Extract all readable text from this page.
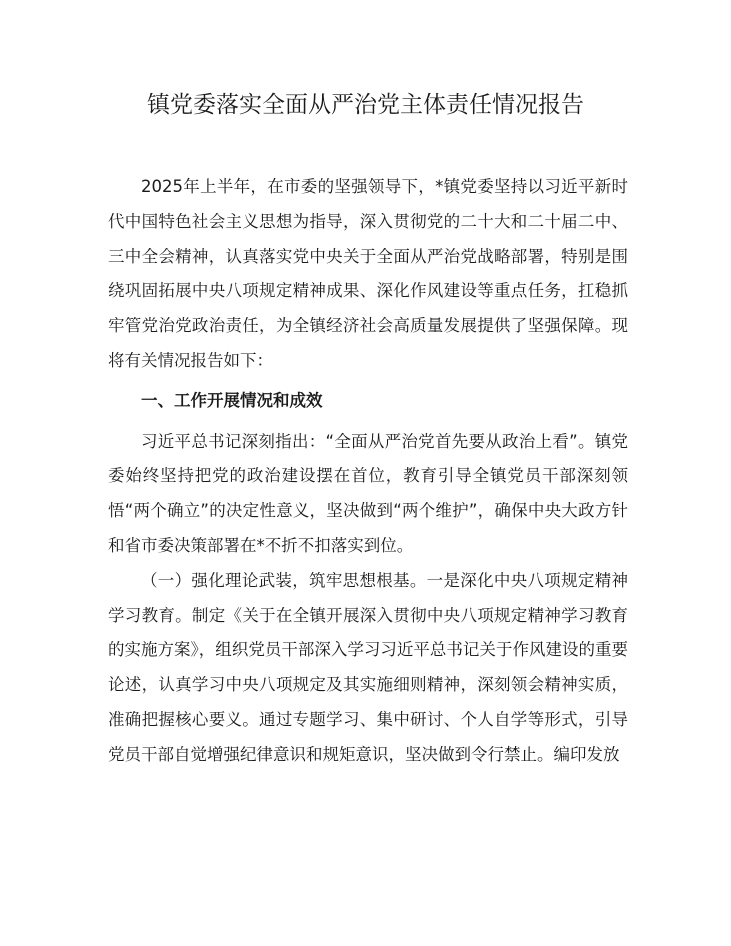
镇党委落实全面从严治党主体责任情况报告

2025年上半年，在市委的坚强领导下，*镇党委坚持以习近平新时代中国特色社会主义思想为指导，深入贯彻党的二十大和二十届二中、三中全会精神，认真落实党中央关于全面从严治党战略部署，特别是围绕巩固拓展中央八项规定精神成果、深化作风建设等重点任务，扛稳抓牢管党治党政治责任，为全镇经济社会高质量发展提供了坚强保障。现将有关情况报告如下：

一、工作开展情况和成效

习近平总书记深刻指出：“全面从严治党首先要从政治上看”。镇党委始终坚持把党的政治建设摆在首位，教育引导全镇党员干部深刻领悟“两个确立”的决定性意义，坚决做到“两个维护”，确保中央大政方针和省市委决策部署在*不折不扣落实到位。

（一）强化理论武装，筑牢思想根基。一是深化中央八项规定精神学习教育。制定《关于在全镇开展深入贯彻中央八项规定精神学习教育的实施方案》，组织党员干部深入学习习近平总书记关于作风建设的重要论述，认真学习中央八项规定及其实施细则精神，深刻领会精神实质，准确把握核心要义。通过专题学习、集中研讨、个人自学等形式，引导党员干部自觉增强纪律意识和规矩意识，坚决做到令行禁止。编印发放
